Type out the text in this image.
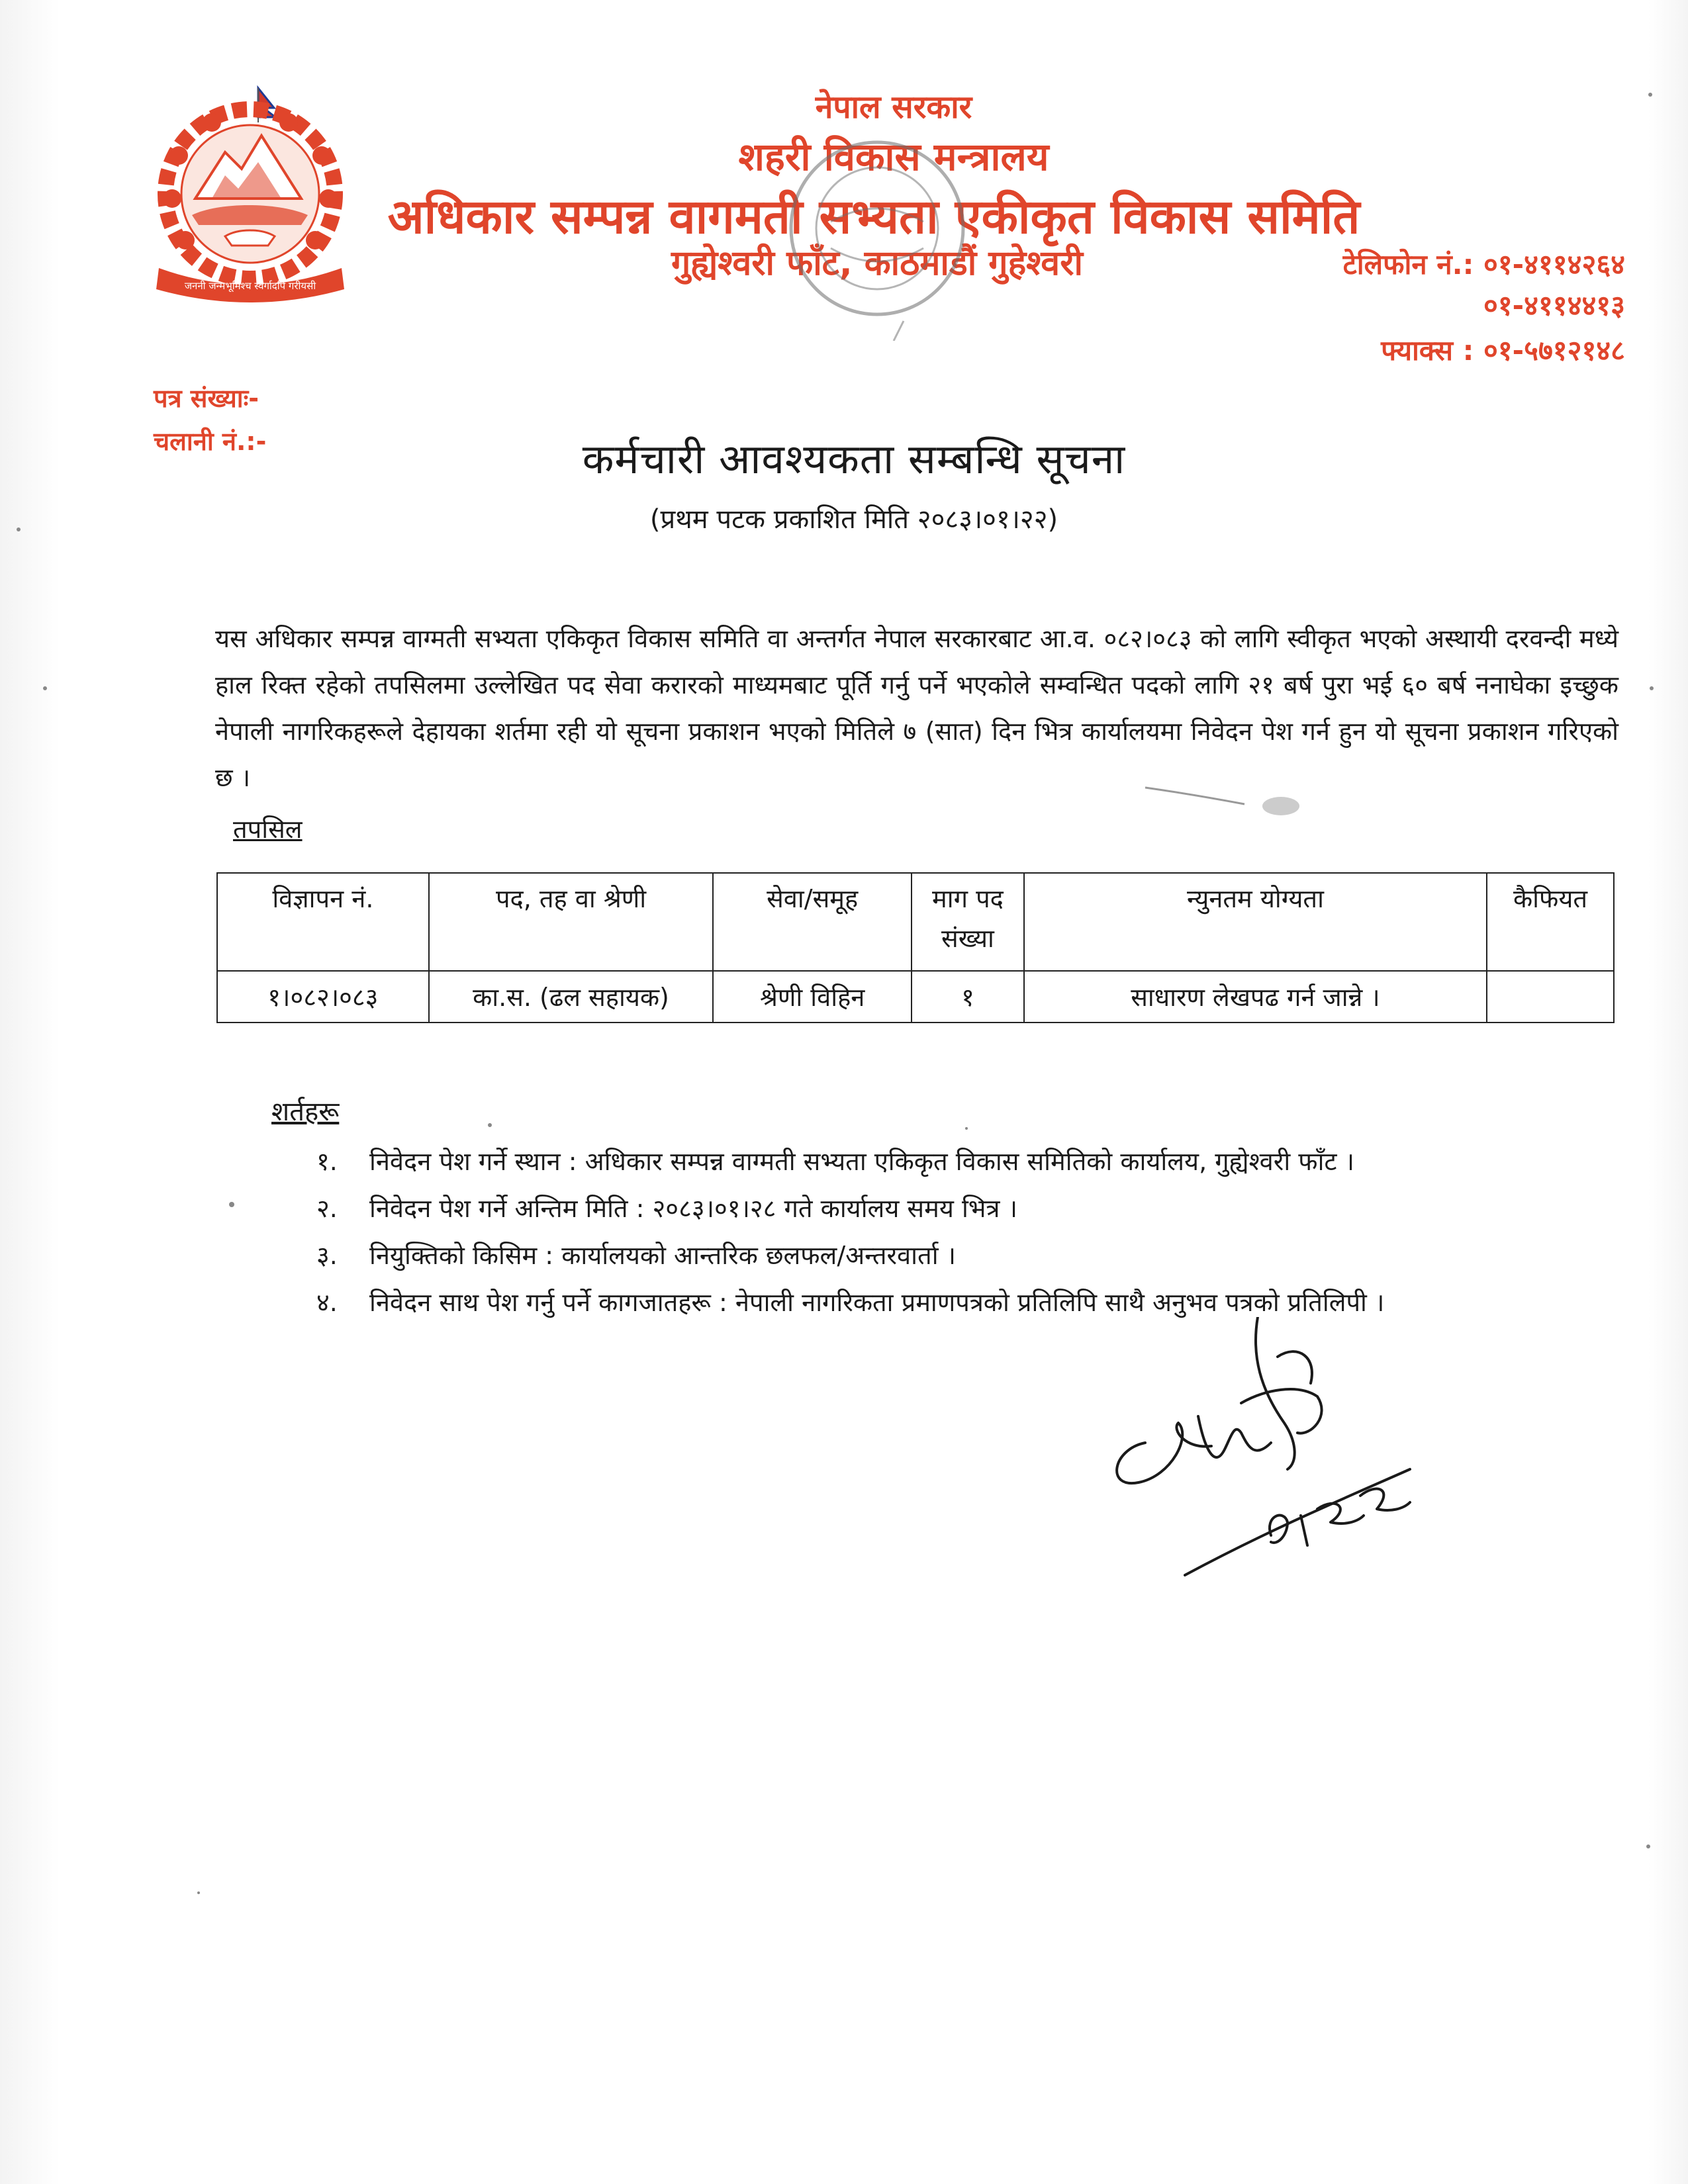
जननी जन्मभूमिश्च स्वर्गादपि गरीयसी
नेपाल सरकार
शहरी विकास मन्त्रालय
अधिकार सम्पन्न वागमती सभ्यता एकीकृत विकास समिति
गुह्येश्वरी फाँट, काठमाडौं गुहेश्वरी	टेलिफोन नं.: ०१-४११४२६४
०१-४११४४१३
फ्याक्स : ०१-५७१२१४८
पत्र संख्याः-
चलानी नं.:-	कर्मचारी आवश्यकता सम्बन्धि सूचना
(प्रथम पटक प्रकाशित मिति २०८३।०१।२२)
यस अधिकार सम्पन्न वाग्मती सभ्यता एकिकृत विकास समिति वा अन्तर्गत नेपाल सरकारबाट आ.व. ०८२।०८३ को लागि स्वीकृत भएको अस्थायी दरवन्दी मध्ये हाल रिक्त रहेको तपसिलमा उल्लेखित पद सेवा करारको माध्यमबाट पूर्ति गर्नु पर्ने भएकोले सम्वन्धित पदको लागि २१ बर्ष पुरा भई ६० बर्ष ननाघेका इच्छुक नेपाली नागरिकहरूले देहायका शर्तमा रही यो सूचना प्रकाशन भएको मितिले ७ (सात) दिन भित्र कार्यालयमा निवेदन पेश गर्न हुन यो सूचना प्रकाशन गरिएको छ ।
तपसिल
विज्ञापन नं.	पद, तह वा श्रेणी	सेवा/समूह	माग पद संख्या	न्युनतम योग्यता	कैफियत
१।०८२।०८३	का.स. (ढल सहायक)	श्रेणी विहिन	१	साधारण लेखपढ गर्न जान्ने ।	
शर्तहरू
१. निवेदन पेश गर्ने स्थान : अधिकार सम्पन्न वाग्मती सभ्यता एकिकृत विकास समितिको कार्यालय, गुह्येश्वरी फाँट ।
२. निवेदन पेश गर्ने अन्तिम मिति : २०८३।०१।२८ गते कार्यालय समय भित्र ।
३. नियुक्तिको किसिम : कार्यालयको आन्तरिक छलफल/अन्तरवार्ता ।
४. निवेदन साथ पेश गर्नु पर्ने कागजातहरू : नेपाली नागरिकता प्रमाणपत्रको प्रतिलिपि साथै अनुभव पत्रको प्रतिलिपी ।
